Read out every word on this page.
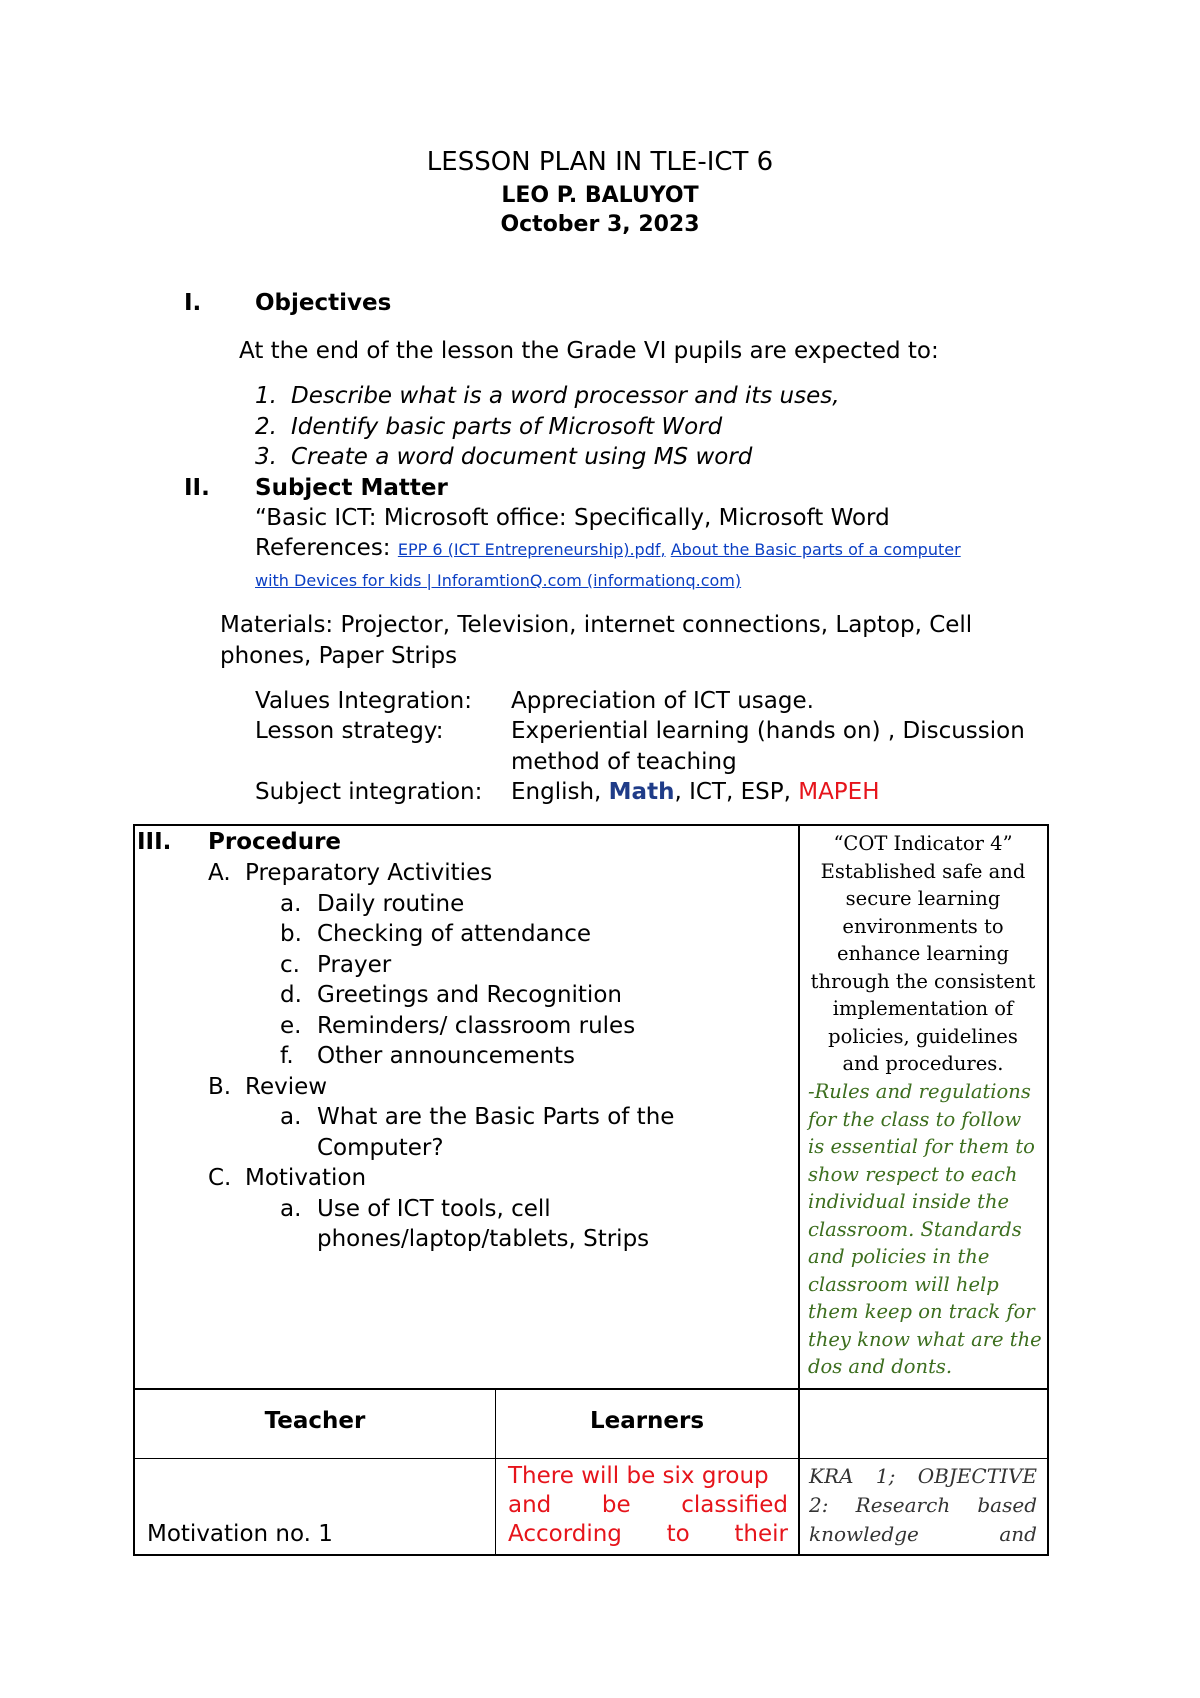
LESSON PLAN IN TLE-ICT 6
LEO P. BALUYOT
October 3, 2023
I. Objectives
At the end of the lesson the Grade VI pupils are expected to:
1. Describe what is a word processor and its uses,
2. Identify basic parts of Microsoft Word
3. Create a word document using MS word
II. Subject Matter
“Basic ICT: Microsoft office: Specifically, Microsoft Word
References: EPP 6 (ICT Entrepreneurship).pdf, About the Basic parts of a computer
with Devices for kids | InforamtionQ.com (informationq.com)
Materials: Projector, Television, internet connections, Laptop, Cell
phones, Paper Strips
Values Integration: Appreciation of ICT usage.
Lesson strategy:	Experiential learning (hands on) , Discussion
method of teaching
Subject integration: English, Math, ICT, ESP, MAPEH
III. Procedure
A. Preparatory Activities
a. Daily routine
b. Checking of attendance
c. Prayer
d. Greetings and Recognition
e. Reminders/ classroom rules
f. Other announcements
B. Review
a. What are the Basic Parts of the
Computer?
C. Motivation
a. Use of ICT tools, cell
phones/laptop/tablets, Strips
“COT Indicator 4”
Established safe and
secure learning
environments to
enhance learning
through the consistent
implementation of
policies, guidelines
and procedures.
-Rules and regulations
for the class to follow
is essential for them to
show respect to each
individual inside the
classroom. Standards
and policies in the
classroom will help
them keep on track for
they know what are the
dos and donts.
Teacher	Learners
Motivation no. 1
There will be six group
and be classified
According to their
KRA 1; OBJECTIVE
2: Research based
knowledge and
